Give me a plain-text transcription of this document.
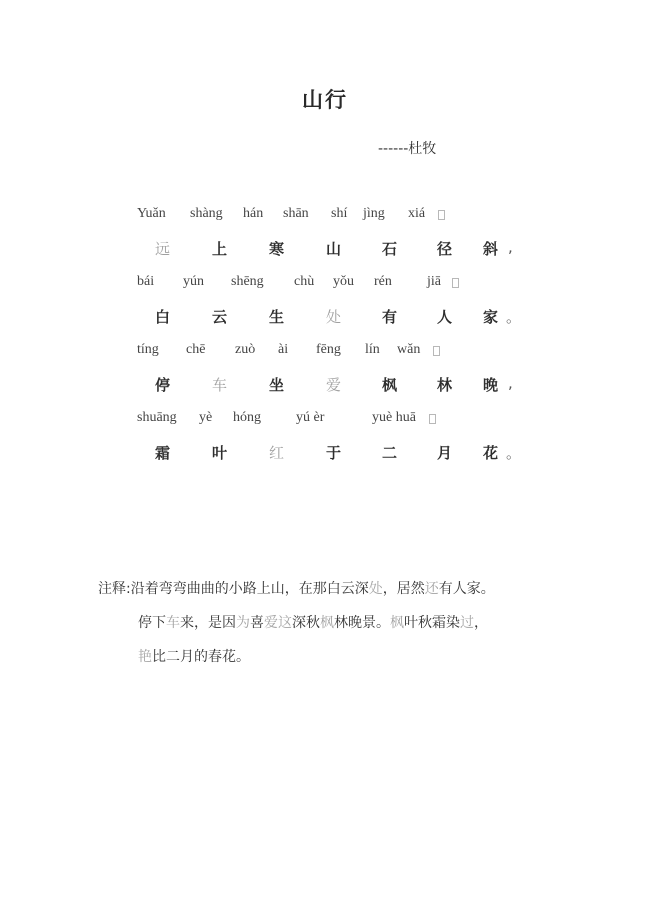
山行
------杜牧
Yuǎn shàng hán shān shí jìng xiá
远	上	寒	山	石	径 斜 ,
bái yún shēng chù yǒu rén	jiā
白	云	生	处	有	人 家 。
tíng chē zuò ài fēng lín wǎn
停	车	坐	爱	枫	林 晚 ,
shuāng yè hóng	yú èr	yuè huā
霜	叶	红	于	二	月 花 。
注释:沿着弯弯曲曲的小路上山，在那白云深处，居然还有人家。
停下车来，是因为喜爱这深秋枫林晚景。枫叶秋霜染过，
艳比二月的春花。
